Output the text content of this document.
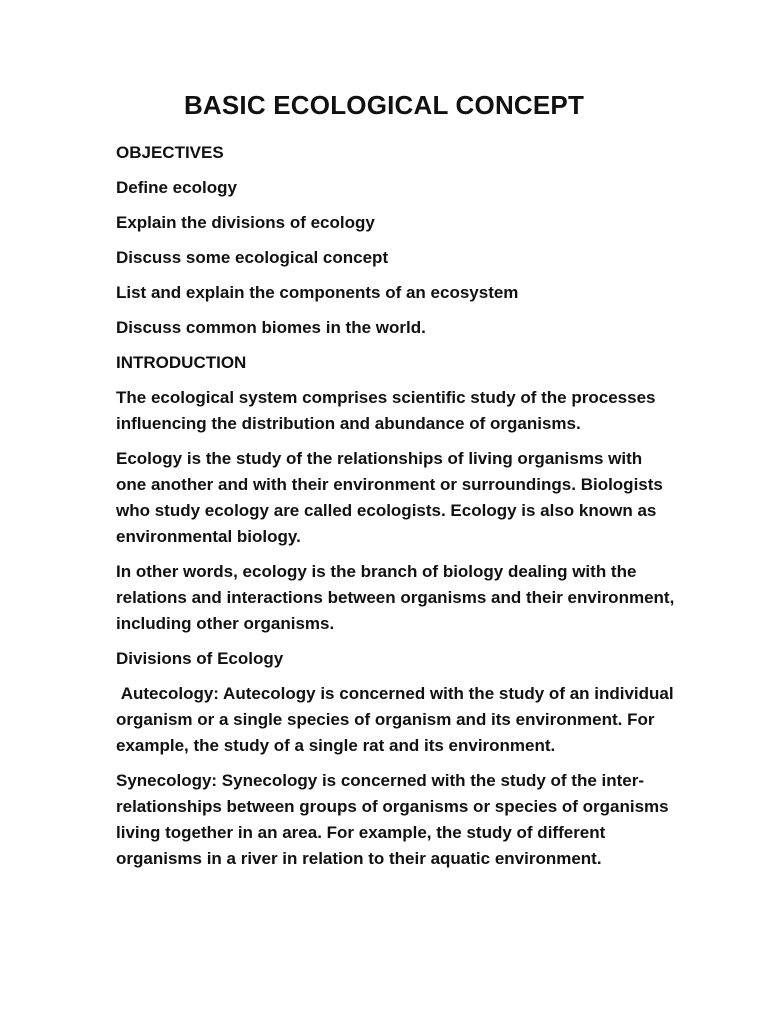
BASIC ECOLOGICAL CONCEPT

OBJECTIVES

Define ecology

Explain the divisions of ecology

Discuss some ecological concept

List and explain the components of an ecosystem

Discuss common biomes in the world.

INTRODUCTION

The ecological system comprises scientific study of the processes influencing the distribution and abundance of organisms.

Ecology is the study of the relationships of living organisms with one another and with their environment or surroundings. Biologists who study ecology are called ecologists. Ecology is also known as environmental biology.

In other words, ecology is the branch of biology dealing with the relations and interactions between organisms and their environment, including other organisms.

Divisions of Ecology

Autecology: Autecology is concerned with the study of an individual organism or a single species of organism and its environment. For example, the study of a single rat and its environment.

Synecology: Synecology is concerned with the study of the inter-relationships between groups of organisms or species of organisms living together in an area. For example, the study of different organisms in a river in relation to their aquatic environment.
